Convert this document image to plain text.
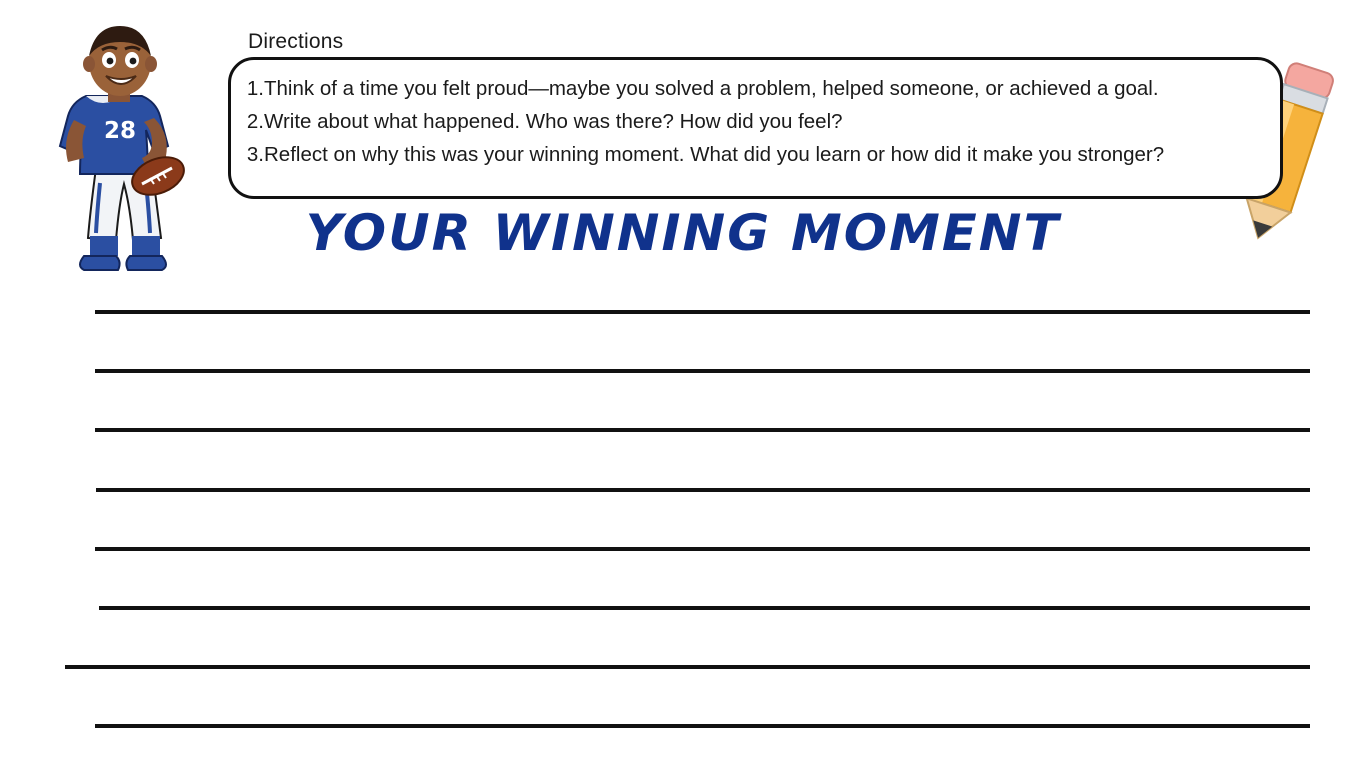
28
Directions
1.Think of a time you felt proud—maybe you solved a problem, helped someone, or achieved a goal.
2.Write about what happened. Who was there? How did you feel?
3.Reflect on why this was your winning moment. What did you learn or how did it make you stronger?
YOUR WINNING MOMENT
